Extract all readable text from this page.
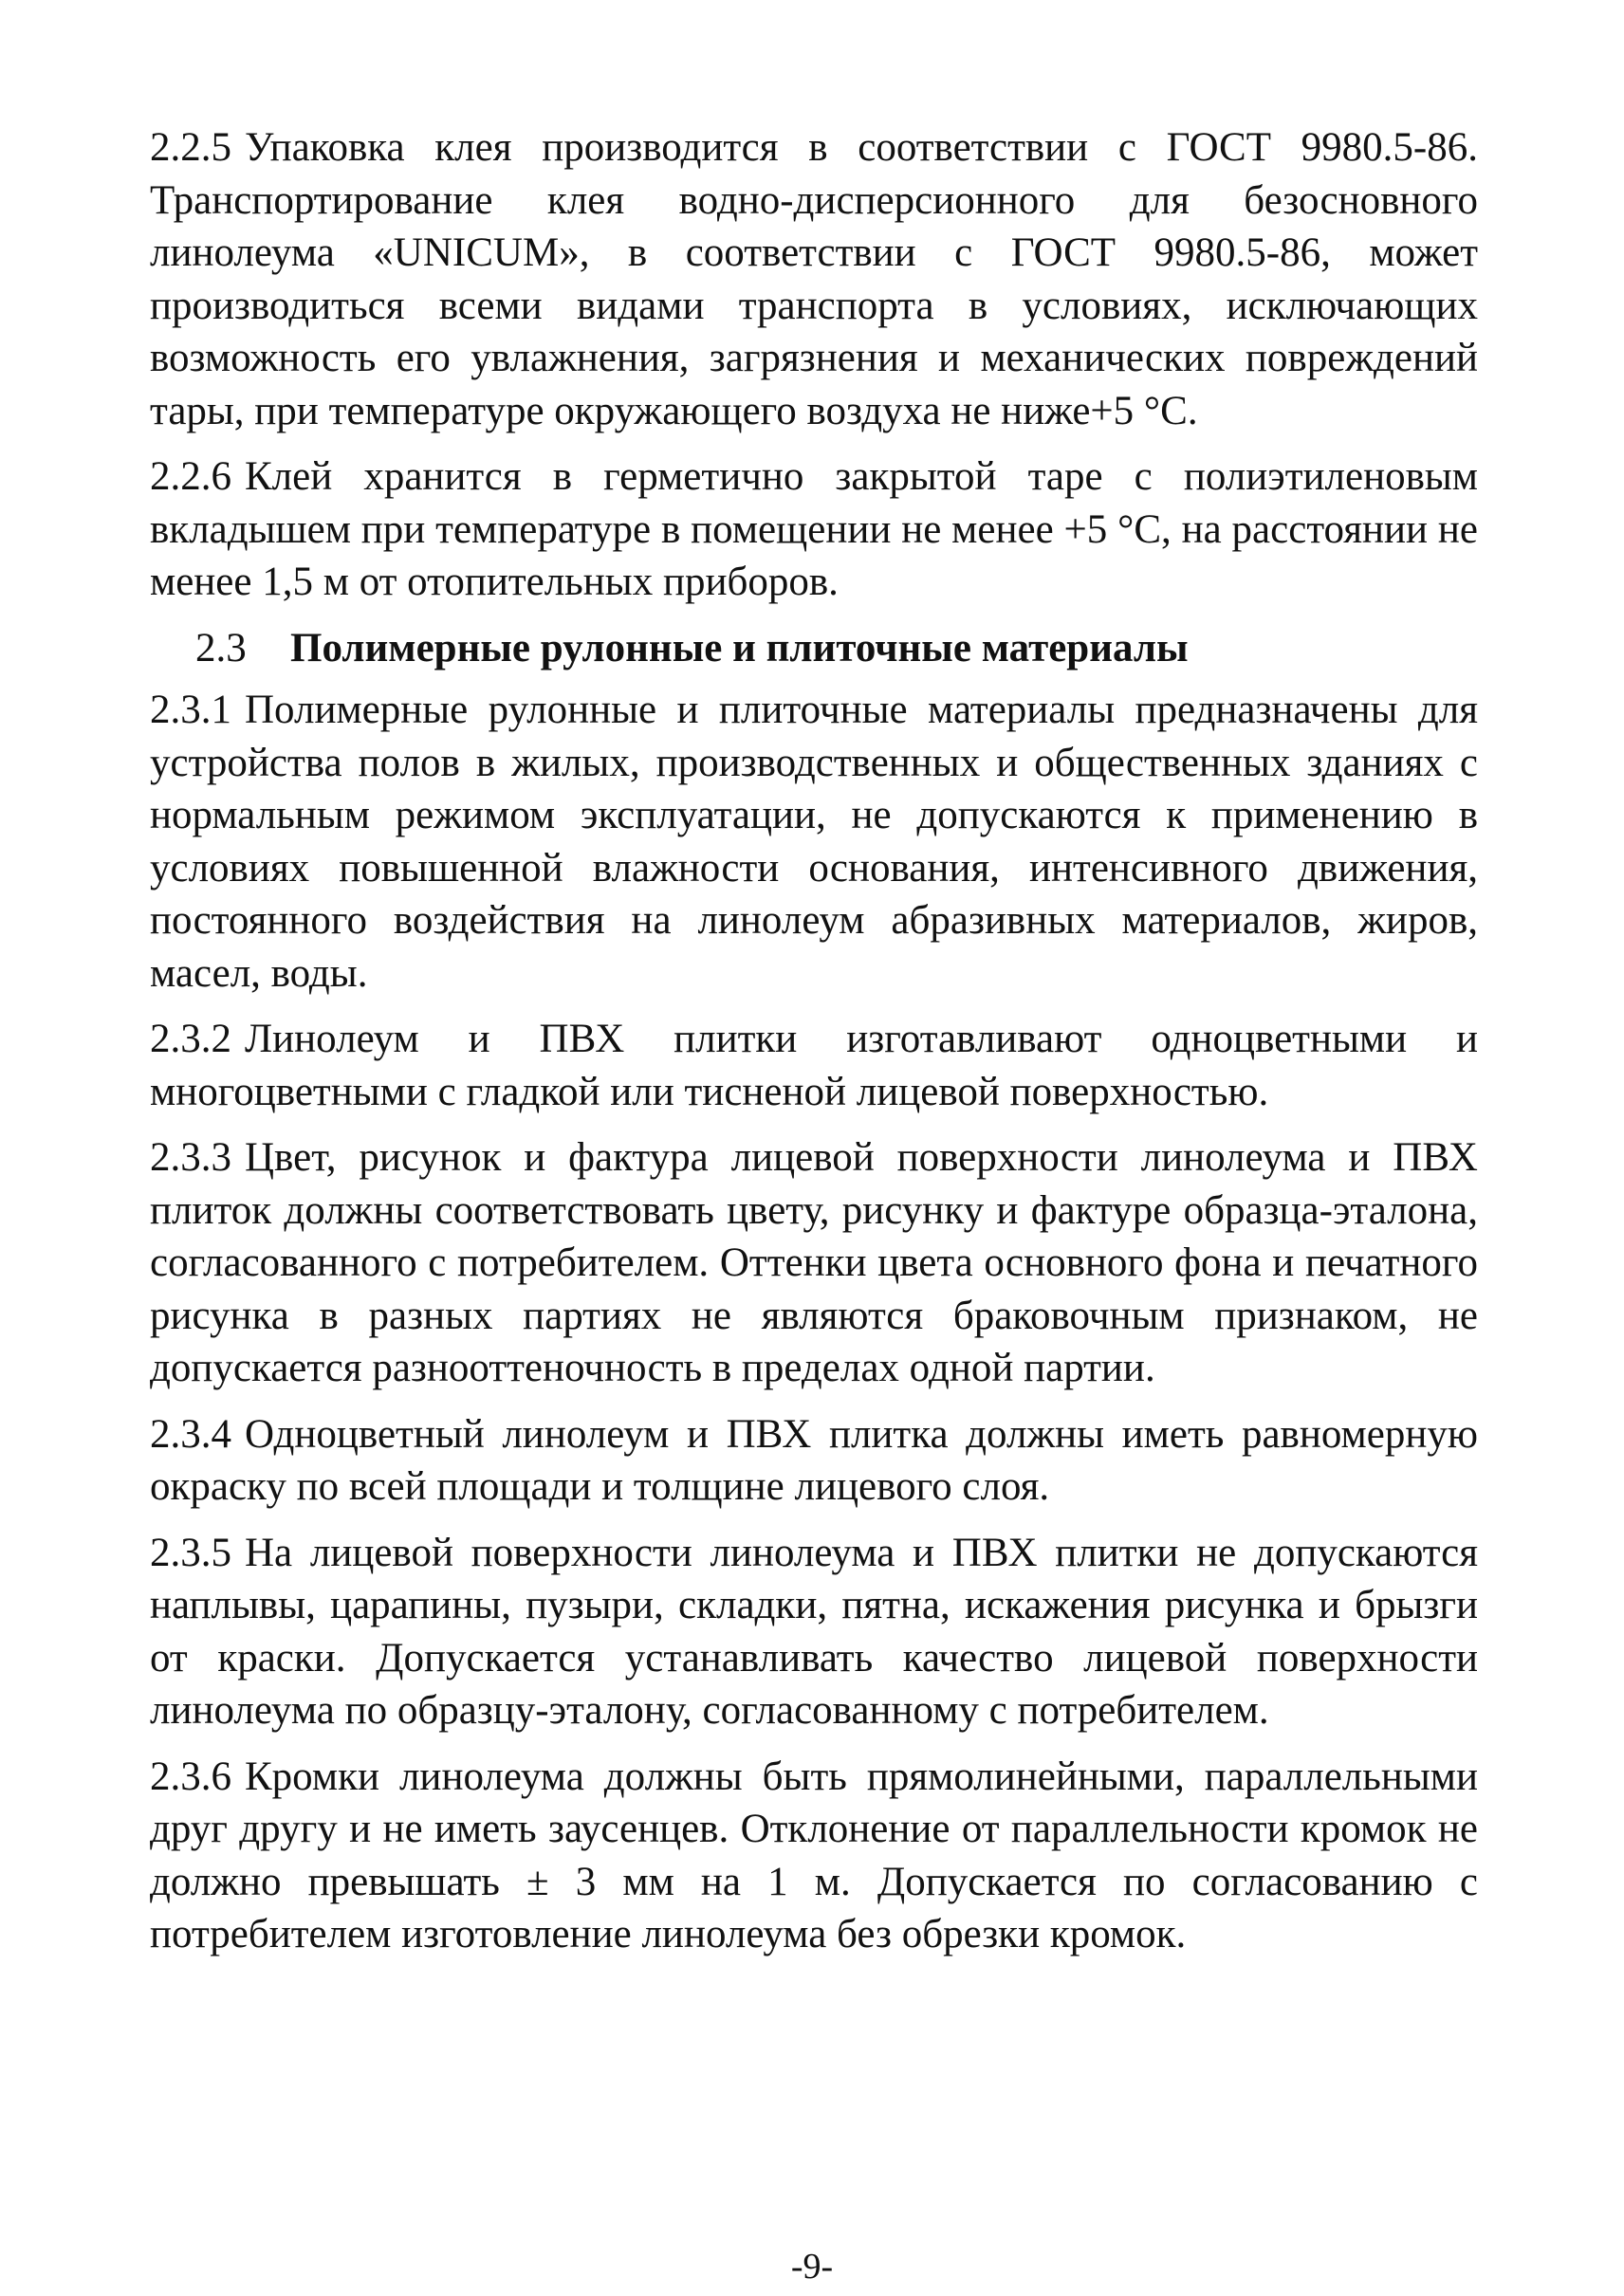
2.2.5 Упаковка клея производится в соответствии с ГОСТ 9980.5-86. Транспортирование клея водно-дисперсионного для безосновного линолеума «UNICUM», в соответствии с ГОСТ 9980.5-86, может производиться всеми видами транспорта в условиях, исключающих возможность его увлажнения, загрязнения и механических повреждений тары, при температуре окружающего воздуха не ниже+5 °С.

2.2.6 Клей хранится в герметично закрытой таре с полиэтиленовым вкладышем при температуре в помещении не менее +5 °С, на расстоянии не менее 1,5 м от отопительных приборов.

2.3 Полимерные рулонные и плиточные материалы

2.3.1 Полимерные рулонные и плиточные материалы предназначены для устройства полов в жилых, производственных и общественных зданиях с нормальным режимом эксплуатации, не допускаются к применению в условиях повышенной влажности основания, интенсивного движения, постоянного воздействия на линолеум абразивных материалов, жиров, масел, воды.

2.3.2 Линолеум и ПВХ плитки изготавливают одноцветными и многоцветными с гладкой или тисненой лицевой поверхностью.

2.3.3 Цвет, рисунок и фактура лицевой поверхности линолеума и ПВХ плиток должны соответствовать цвету, рисунку и фактуре образца-эталона, согласованного с потребителем. Оттенки цвета основного фона и печатного рисунка в разных партиях не являются браковочным признаком, не допускается разнооттеночность в пределах одной партии.

2.3.4 Одноцветный линолеум и ПВХ плитка должны иметь равномерную окраску по всей площади и толщине лицевого слоя.

2.3.5 На лицевой поверхности линолеума и ПВХ плитки не допускаются наплывы, царапины, пузыри, складки, пятна, искажения рисунка и брызги от краски. Допускается устанавливать качество лицевой поверхности линолеума по образцу-эталону, согласованному с потребителем.

2.3.6 Кромки линолеума должны быть прямолинейными, параллельными друг другу и не иметь заусенцев. Отклонение от параллельности кромок не должно превышать ± 3 мм на 1 м. Допускается по согласованию с потребителем изготовление линолеума без обрезки кромок.

-9-
